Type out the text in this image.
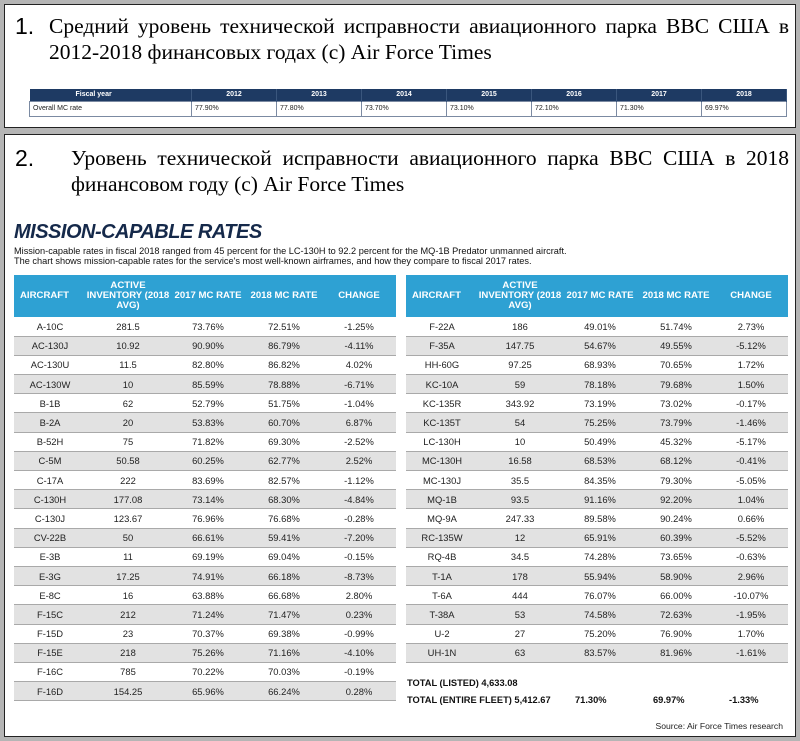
1. Средний уровень технической исправности авиационного парка ВВС США в 2012-2018 финансовых годах (с) Air Force Times
Fiscal year	2012	2013	2014	2015	2016	2017	2018
Overall MC rate	77.90%	77.80%	73.70%	73.10%	72.10%	71.30%	69.97%
2.	Уровень технической исправности авиационного парка ВВС США в 2018 финансовом году (с) Air Force Times
MISSION-CAPABLE RATES
Mission-capable rates in fiscal 2018 ranged from 45 percent for the LC-130H to 92.2 percent for the MQ-1B Predator unmanned aircraft.
The chart shows mission-capable rates for the service's most well-known airframes, and how they compare to fiscal 2017 rates.
AIRCRAFT	ACTIVE INVENTORY (2018 AVG)	2017 MC RATE	2018 MC RATE	CHANGE
A-10C	281.5	73.76%	72.51%	-1.25%
AC-130J	10.92	90.90%	86.79%	-4.11%
AC-130U	11.5	82.80%	86.82%	4.02%
AC-130W	10	85.59%	78.88%	-6.71%
B-1B	62	52.79%	51.75%	-1.04%
B-2A	20	53.83%	60.70%	6.87%
B-52H	75	71.82%	69.30%	-2.52%
C-5M	50.58	60.25%	62.77%	2.52%
C-17A	222	83.69%	82.57%	-1.12%
C-130H	177.08	73.14%	68.30%	-4.84%
C-130J	123.67	76.96%	76.68%	-0.28%
CV-22B	50	66.61%	59.41%	-7.20%
E-3B	11	69.19%	69.04%	-0.15%
E-3G	17.25	74.91%	66.18%	-8.73%
E-8C	16	63.88%	66.68%	2.80%
F-15C	212	71.24%	71.47%	0.23%
F-15D	23	70.37%	69.38%	-0.99%
F-15E	218	75.26%	71.16%	-4.10%
F-16C	785	70.22%	70.03%	-0.19%
F-16D	154.25	65.96%	66.24%	0.28%
AIRCRAFT	ACTIVE INVENTORY (2018 AVG)	2017 MC RATE	2018 MC RATE	CHANGE
F-22A	186	49.01%	51.74%	2.73%
F-35A	147.75	54.67%	49.55%	-5.12%
HH-60G	97.25	68.93%	70.65%	1.72%
KC-10A	59	78.18%	79.68%	1.50%
KC-135R	343.92	73.19%	73.02%	-0.17%
KC-135T	54	75.25%	73.79%	-1.46%
LC-130H	10	50.49%	45.32%	-5.17%
MC-130H	16.58	68.53%	68.12%	-0.41%
MC-130J	35.5	84.35%	79.30%	-5.05%
MQ-1B	93.5	91.16%	92.20%	1.04%
MQ-9A	247.33	89.58%	90.24%	0.66%
RC-135W	12	65.91%	60.39%	-5.52%
RQ-4B	34.5	74.28%	73.65%	-0.63%
T-1A	178	55.94%	58.90%	2.96%
T-6A	444	76.07%	66.00%	-10.07%
T-38A	53	74.58%	72.63%	-1.95%
U-2	27	75.20%	76.90%	1.70%
UH-1N	63	83.57%	81.96%	-1.61%
TOTAL (LISTED) 4,633.08
TOTAL (ENTIRE FLEET) 5,412.67	71.30%	69.97%	-1.33%
Source: Air Force Times research
